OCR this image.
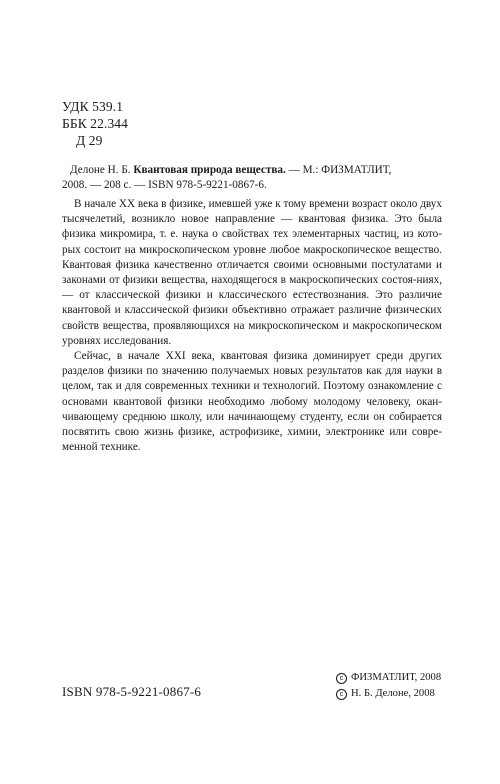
УДК 539.1
ББК 22.344
Д 29
Делоне Н. Б. Квантовая природа вещества. — М.: ФИЗМАТЛИТ,
2008. — 208 с. — ISBN 978-5-9221-0867-6.

В начале XX века в физике, имевшей уже к тому времени возраст около двух тысячелетий, возникло новое направление — квантовая физика. Это была физика микромира, т. е. наука о свойствах тех элементарных частиц, из кото-рых состоит на микроскопическом уровне любое макроскопическое вещество. Квантовая физика качественно отличается своими основными постулатами и законами от физики вещества, находящегося в макроскопических состоя-ниях, — от классической физики и классического естествознания. Это различие квантовой и классической физики объективно отражает различие физических свойств вещества, проявляющихся на микроскопическом и макроскопическом уровнях исследования.

Сейчас, в начале XXI века, квантовая физика доминирует среди других разделов физики по значению получаемых новых результатов как для науки в целом, так и для современных техники и технологий. Поэтому ознакомление с основами квантовой физики необходимо любому молодому человеку, окан-чивающему среднюю школу, или начинающему студенту, если он собирается посвятить свою жизнь физике, астрофизике, химии, электронике или совре-менной технике.

ISBN 978-5-9221-0867-6
c ФИЗМАТЛИТ, 2008
c Н. Б. Делоне, 2008
